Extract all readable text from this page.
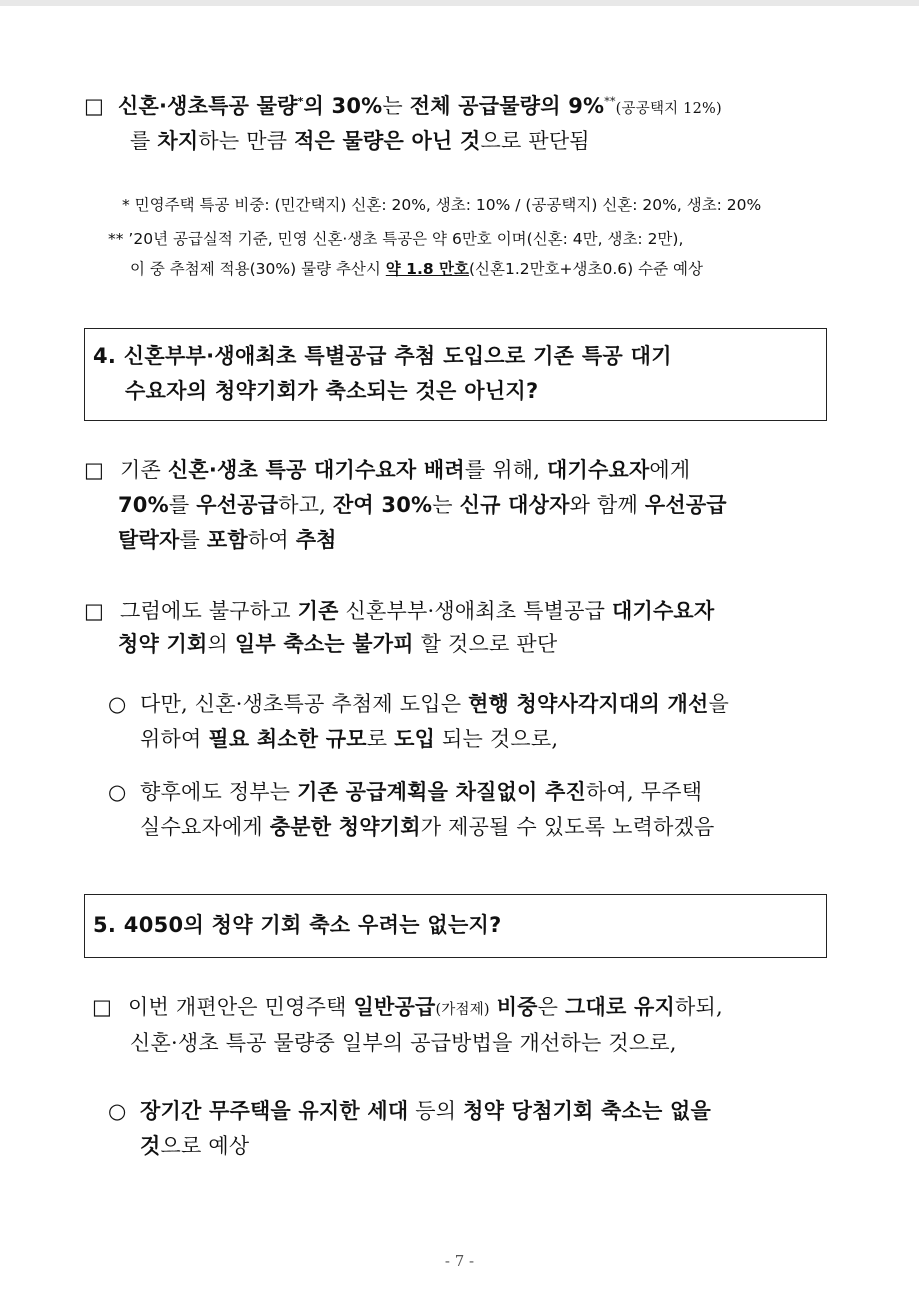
□ 신혼·생초특공 물량*의 30%는 전체 공급물량의 9%**(공공택지 12%)
를 차지하는 만큼 적은 물량은 아닌 것으로 판단됨
* 민영주택 특공 비중: (민간택지) 신혼: 20%, 생초: 10% / (공공택지) 신혼: 20%, 생초: 20%
** ’20년 공급실적 기준, 민영 신혼·생초 특공은 약 6만호 이며(신혼: 4만, 생초: 2만),
이 중 추첨제 적용(30%) 물량 추산시 약 1.8 만호(신혼1.2만호+생초0.6) 수준 예상
4. 신혼부부·생애최초 특별공급 추첨 도입으로 기존 특공 대기
수요자의 청약기회가 축소되는 것은 아닌지?
□ 기존 신혼·생초 특공 대기수요자 배려를 위해, 대기수요자에게
70%를 우선공급하고, 잔여 30%는 신규 대상자와 함께 우선공급
탈락자를 포함하여 추첨
□ 그럼에도 불구하고 기존 신혼부부·생애최초 특별공급 대기수요자
청약 기회의 일부 축소는 불가피 할 것으로 판단
○ 다만, 신혼·생초특공 추첨제 도입은 현행 청약사각지대의 개선을
위하여 필요 최소한 규모로 도입 되는 것으로,
○ 향후에도 정부는 기존 공급계획을 차질없이 추진하여, 무주택
실수요자에게 충분한 청약기회가 제공될 수 있도록 노력하겠음
5. 4050의 청약 기회 축소 우려는 없는지?
□ 이번 개편안은 민영주택 일반공급(가점제) 비중은 그대로 유지하되,
신혼·생초 특공 물량중 일부의 공급방법을 개선하는 것으로,
○ 장기간 무주택을 유지한 세대 등의 청약 당첨기회 축소는 없을
것으로 예상
- 7 -
